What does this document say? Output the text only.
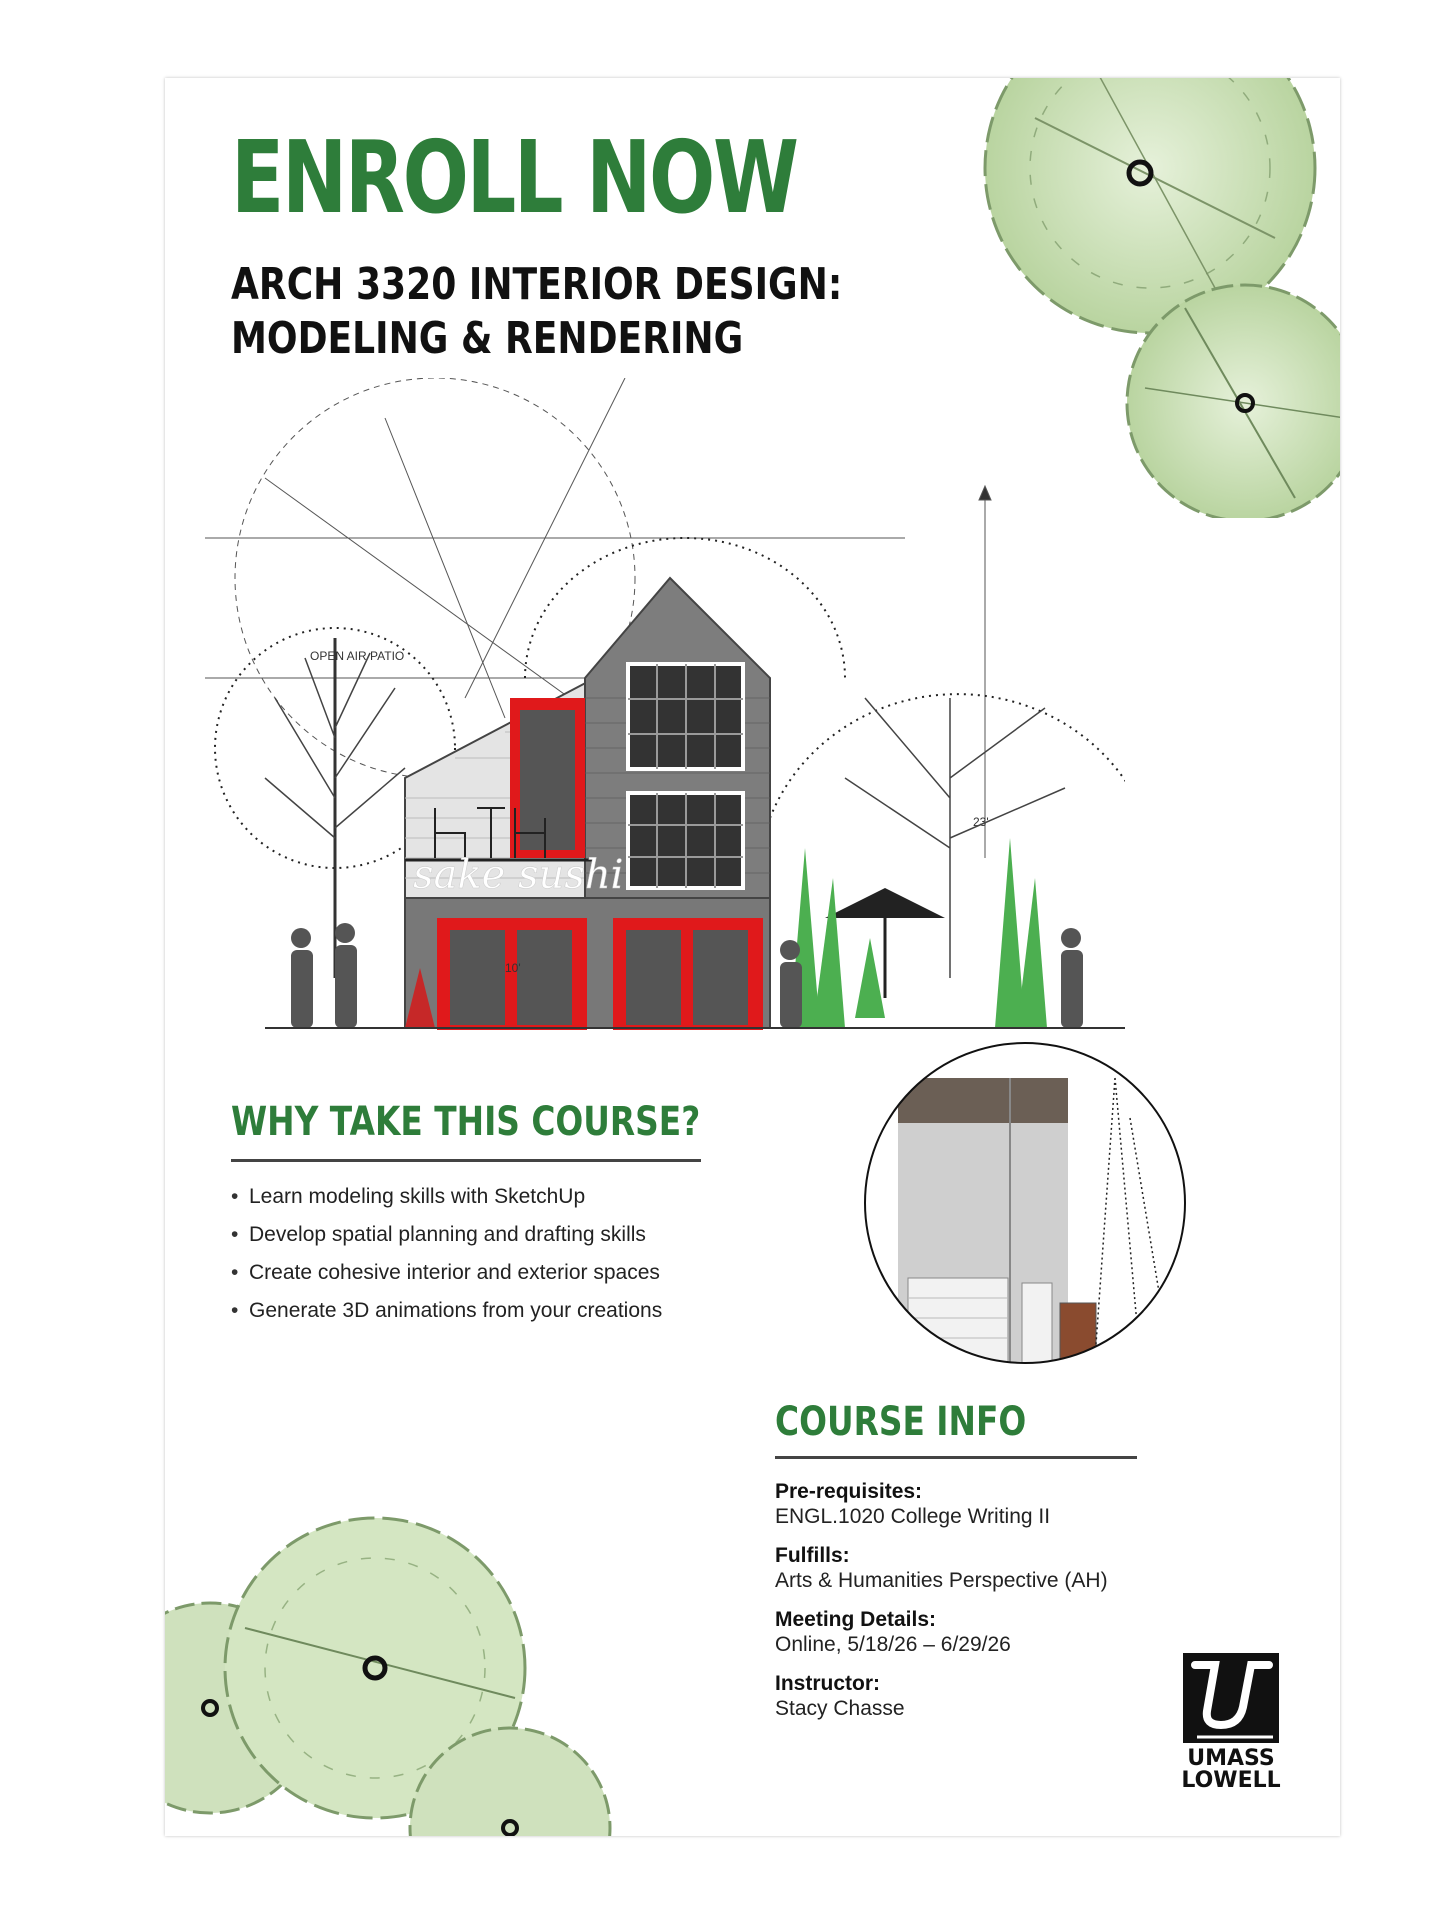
ENROLL NOW
ARCH 3320 INTERIOR DESIGN:
MODELING & RENDERING
OPEN AIR PATIO
23'
sake sushi
10'
WHY TAKE THIS COURSE?
• Learn modeling skills with SketchUp
• Develop spatial planning and drafting skills
• Create cohesive interior and exterior spaces
• Generate 3D animations from your creations
COURSE INFO
Pre-requisites:
ENGL.1020 College Writing II
Fulfills:
Arts & Humanities Perspective (AH)
Meeting Details:
Online, 5/18/26 – 6/29/26
Instructor:
Stacy Chasse
UMASS
LOWELL
